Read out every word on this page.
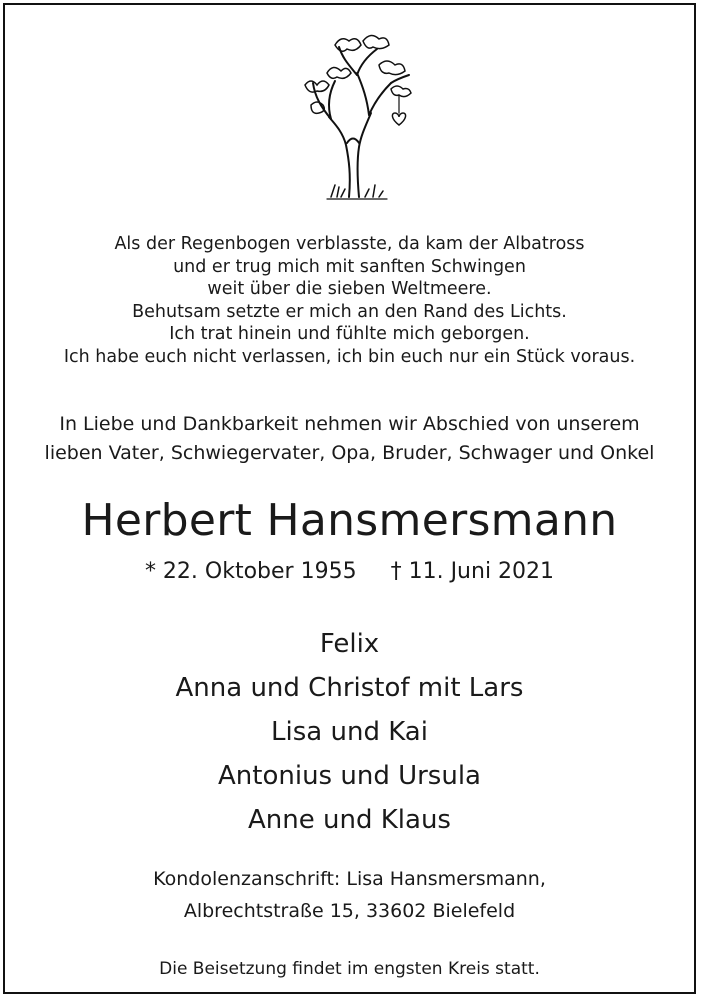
Als der Regenbogen verblasste, da kam der Albatross
und er trug mich mit sanften Schwingen
weit über die sieben Weltmeere.
Behutsam setzte er mich an den Rand des Lichts.
Ich trat hinein und fühlte mich geborgen.
Ich habe euch nicht verlassen, ich bin euch nur ein Stück voraus.
In Liebe und Dankbarkeit nehmen wir Abschied von unserem
lieben Vater, Schwiegervater, Opa, Bruder, Schwager und Onkel
Herbert Hansmersmann
* 22. Oktober 1955 † 11. Juni 2021
Felix
Anna und Christof mit Lars
Lisa und Kai
Antonius und Ursula
Anne und Klaus
Kondolenzanschrift: Lisa Hansmersmann,
Albrechtstraße 15, 33602 Bielefeld
Die Beisetzung findet im engsten Kreis statt.
